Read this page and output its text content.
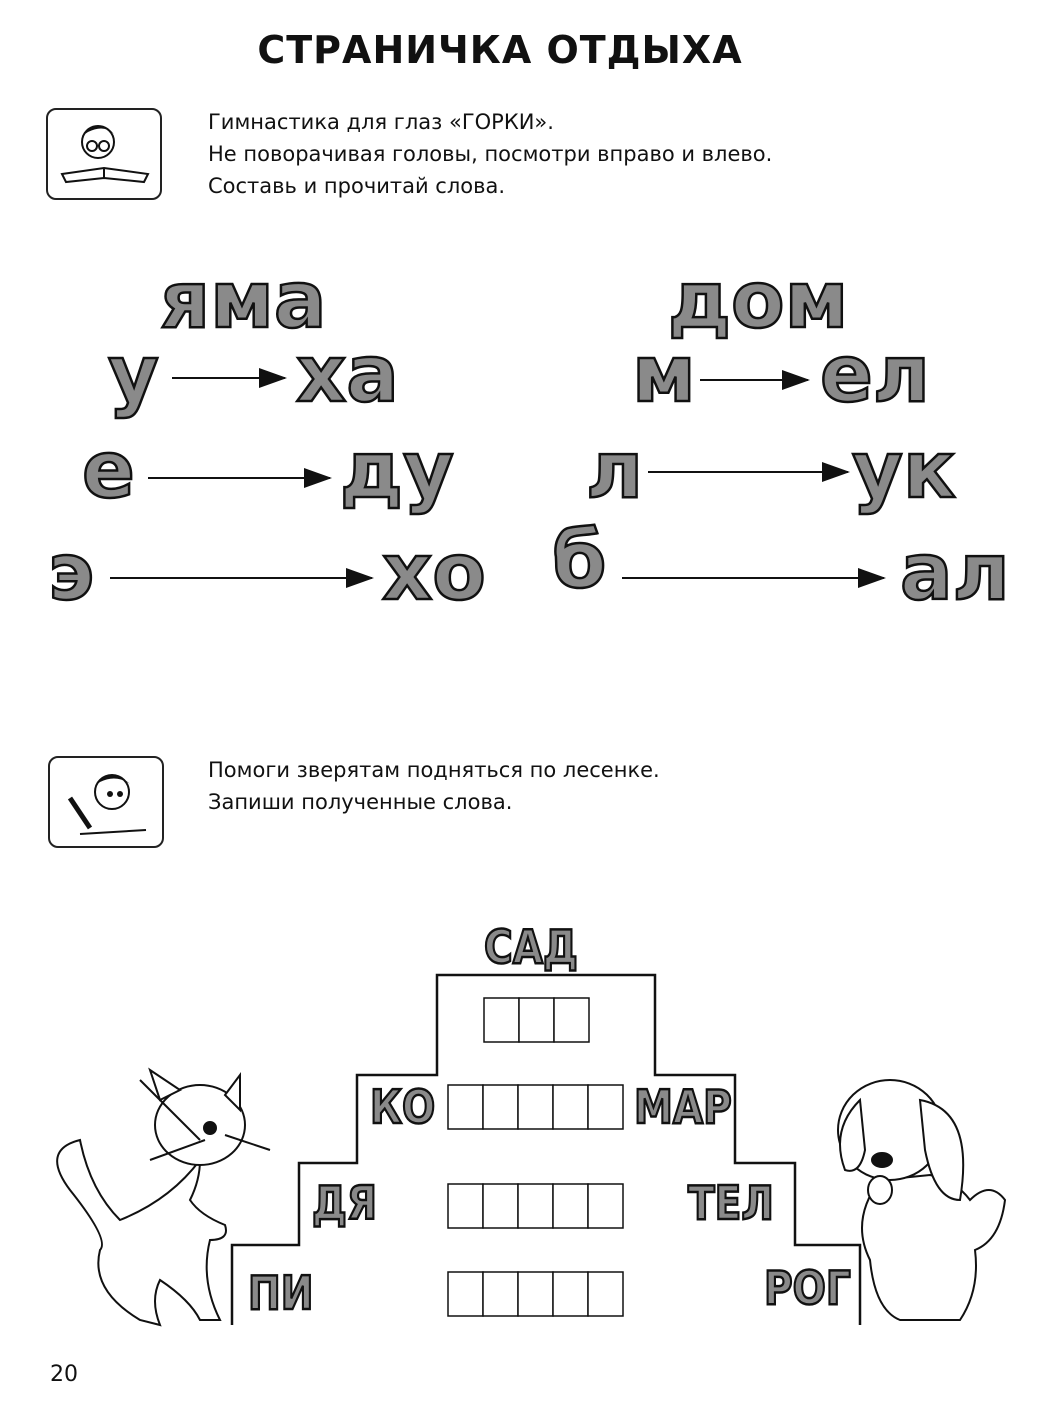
СТРАНИЧКА ОТДЫХА
Гимнастика для глаз «ГОРКИ».
Не поворачивая головы, посмотри вправо и влево.
Составь и прочитай слова.
яма
у ха
е	ду
э	хо
дом
м ел
л	ук
б	ал
Помоги зверятам подняться по лесенке.
Запиши полученные слова.
САД
КО
ДЯ
ПИ
МАР
ТЕЛ
РОГ
20
